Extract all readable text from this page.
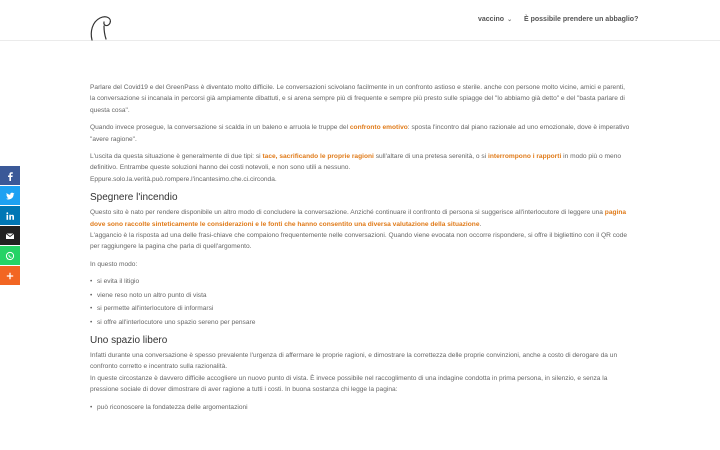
vaccino ⌄ È possibile prendere un abbaglio?

Parlare del Covid19 e del GreenPass è diventato molto difficile. Le conversazioni scivolano facilmente in un confronto astioso e sterile. anche con persone molto vicine, amici e parenti, la conversazione si incanala in percorsi già ampiamente dibattuti, e si arena sempre più di frequente e sempre più presto sulle spiagge del "lo abbiamo già detto" e del "basta parlare di questa cosa".

Quando invece prosegue, la conversazione si scalda in un baleno e arruola le truppe del confronto emotivo: sposta l'incontro dal piano razionale ad uno emozionale, dove è imperativo "avere ragione".

L'uscita da questa situazione è generalmente di due tipi: si tace, sacrificando le proprie ragioni sull'altare di una pretesa serenità, o si interrompono i rapporti in modo più o meno definitivo. Entrambe queste soluzioni hanno dei costi notevoli, e non sono utili a nessuno.
Eppure.solo.la.verità.può.rompere.l'incantesimo.che.ci.circonda.

Spegnere l'incendio

Questo sito è nato per rendere disponibile un altro modo di concludere la conversazione. Anziché continuare il confronto di persona si suggerisce all'interlocutore di leggere una pagina dove sono raccolte sinteticamente le considerazioni e le fonti che hanno consentito una diversa valutazione della situazione.
L'aggancio è la risposta ad una delle frasi-chiave che compaiono frequentemente nelle conversazioni. Quando viene evocata non occorre rispondere, si offre il bigliettino con il QR code per raggiungere la pagina che parla di quell'argomento.

In questo modo:

• si evita il litigio
• viene reso noto un altro punto di vista
• si permette all'interlocutore di informarsi
• si offre all'interlocutore uno spazio sereno per pensare
Uno spazio libero

Infatti durante una conversazione è spesso prevalente l'urgenza di affermare le proprie ragioni, e dimostrare la correttezza delle proprie convinzioni, anche a costo di derogare da un confronto corretto e incentrato sulla razionalità.
In queste circostanze è davvero difficile accogliere un nuovo punto di vista. È invece possibile nel raccoglimento di una indagine condotta in prima persona, in silenzio, e senza la pressione sociale di dover dimostrare di aver ragione a tutti i costi. In buona sostanza chi legge la pagina:

• può riconoscere la fondatezza delle argomentazioni
